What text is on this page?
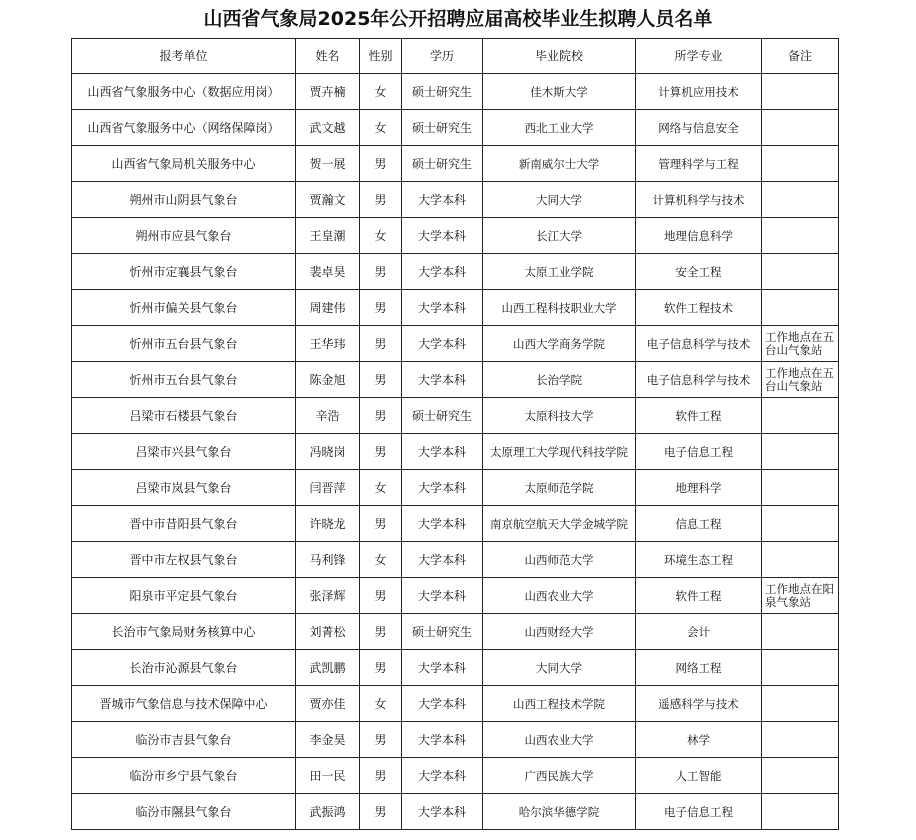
山西省气象局2025年公开招聘应届高校毕业生拟聘人员名单
报考单位	姓名	性别	学历	毕业院校	所学专业	备注
山西省气象服务中心（数据应用岗）	贾卉楠	女	硕士研究生	佳木斯大学	计算机应用技术	
山西省气象服务中心（网络保障岗）	武文越	女	硕士研究生	西北工业大学	网络与信息安全	
山西省气象局机关服务中心	贺一展	男	硕士研究生	新南威尔士大学	管理科学与工程	
朔州市山阴县气象台	贾瀚文	男	大学本科	大同大学	计算机科学与技术	
朔州市应县气象台	王皇潮	女	大学本科	长江大学	地理信息科学	
忻州市定襄县气象台	裴卓昊	男	大学本科	太原工业学院	安全工程	
忻州市偏关县气象台	周建伟	男	大学本科	山西工程科技职业大学	软件工程技术	
忻州市五台县气象台	王华玮	男	大学本科	山西大学商务学院	电子信息科学与技术	工作地点在五台山气象站
忻州市五台县气象台	陈金旭	男	大学本科	长治学院	电子信息科学与技术	工作地点在五台山气象站
吕梁市石楼县气象台	辛浩	男	硕士研究生	太原科技大学	软件工程	
吕梁市兴县气象台	冯晓岗	男	大学本科	太原理工大学现代科技学院	电子信息工程	
吕梁市岚县气象台	闫晋萍	女	大学本科	太原师范学院	地理科学	
晋中市昔阳县气象台	许晓龙	男	大学本科	南京航空航天大学金城学院	信息工程	
晋中市左权县气象台	马利锋	女	大学本科	山西师范大学	环境生态工程	
阳泉市平定县气象台	张泽辉	男	大学本科	山西农业大学	软件工程	工作地点在阳泉气象站
长治市气象局财务核算中心	刘菁松	男	硕士研究生	山西财经大学	会计	
长治市沁源县气象台	武凯鹏	男	大学本科	大同大学	网络工程	
晋城市气象信息与技术保障中心	贾亦佳	女	大学本科	山西工程技术学院	遥感科学与技术	
临汾市吉县气象台	李金昊	男	大学本科	山西农业大学	林学	
临汾市乡宁县气象台	田一民	男	大学本科	广西民族大学	人工智能	
临汾市隰县气象台	武振鸿	男	大学本科	哈尔滨华德学院	电子信息工程	
